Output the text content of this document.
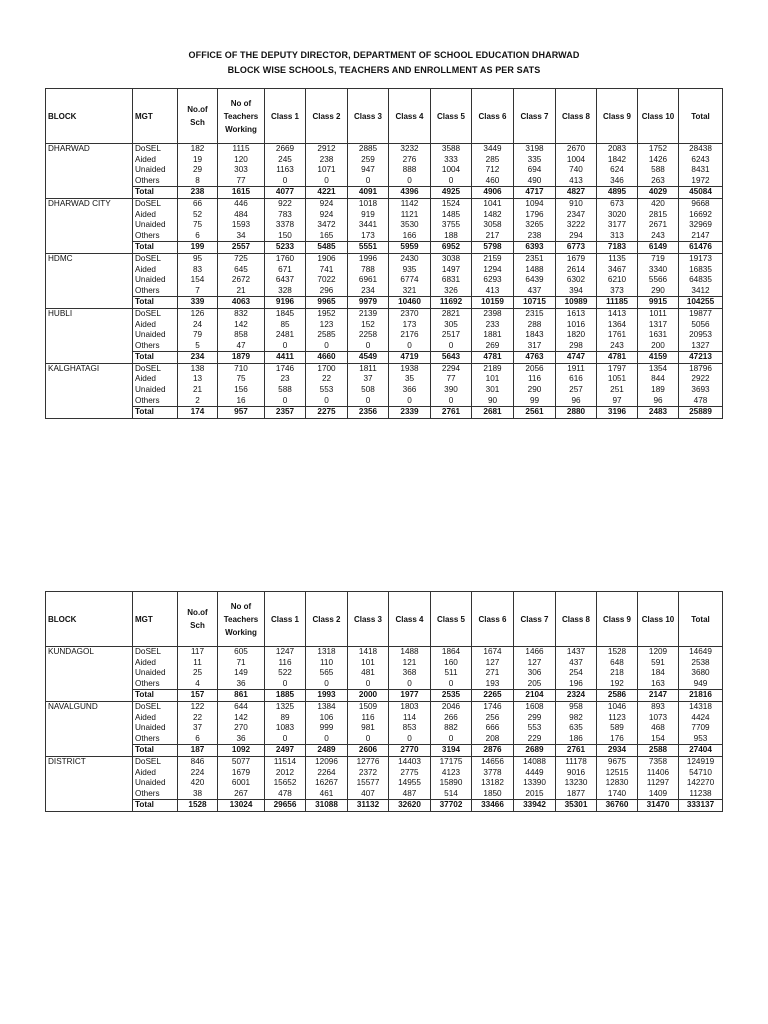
OFFICE OF THE DEPUTY DIRECTOR, DEPARTMENT OF SCHOOL EDUCATION DHARWAD
BLOCK WISE SCHOOLS, TEACHERS AND ENROLLMENT AS PER SATS
BLOCK	MGT	No.of Sch	No of Teachers Working	Class 1	Class 2	Class 3	Class 4	Class 5	Class 6	Class 7	Class 8	Class 9	Class 10	Total
DHARWAD	DoSEL	182	1115	2669	2912	2885	3232	3588	3449	3198	2670	2083	1752	28438
	Aided	19	120	245	238	259	276	333	285	335	1004	1842	1426	6243
	Unaided	29	303	1163	1071	947	888	1004	712	694	740	624	588	8431
	Others	8	77	0	0	0	0	0	460	490	413	346	263	1972
	Total	238	1615	4077	4221	4091	4396	4925	4906	4717	4827	4895	4029	45084
DHARWAD CITY	DoSEL	66	446	922	924	1018	1142	1524	1041	1094	910	673	420	9668
	Aided	52	484	783	924	919	1121	1485	1482	1796	2347	3020	2815	16692
	Unaided	75	1593	3378	3472	3441	3530	3755	3058	3265	3222	3177	2671	32969
	Others	6	34	150	165	173	166	188	217	238	294	313	243	2147
	Total	199	2557	5233	5485	5551	5959	6952	5798	6393	6773	7183	6149	61476
HDMC	DoSEL	95	725	1760	1906	1996	2430	3038	2159	2351	1679	1135	719	19173
	Aided	83	645	671	741	788	935	1497	1294	1488	2614	3467	3340	16835
	Unaided	154	2672	6437	7022	6961	6774	6831	6293	6439	6302	6210	5566	64835
	Others	7	21	328	296	234	321	326	413	437	394	373	290	3412
	Total	339	4063	9196	9965	9979	10460	11692	10159	10715	10989	11185	9915	104255
HUBLI	DoSEL	126	832	1845	1952	2139	2370	2821	2398	2315	1613	1413	1011	19877
	Aided	24	142	85	123	152	173	305	233	288	1016	1364	1317	5056
	Unaided	79	858	2481	2585	2258	2176	2517	1881	1843	1820	1761	1631	20953
	Others	5	47	0	0	0	0	0	269	317	298	243	200	1327
	Total	234	1879	4411	4660	4549	4719	5643	4781	4763	4747	4781	4159	47213
KALGHATAGI	DoSEL	138	710	1746	1700	1811	1938	2294	2189	2056	1911	1797	1354	18796
	Aided	13	75	23	22	37	35	77	101	116	616	1051	844	2922
	Unaided	21	156	588	553	508	366	390	301	290	257	251	189	3693
	Others	2	16	0	0	0	0	0	90	99	96	97	96	478
	Total	174	957	2357	2275	2356	2339	2761	2681	2561	2880	3196	2483	25889
BLOCK	MGT	No.of Sch	No of Teachers Working	Class 1	Class 2	Class 3	Class 4	Class 5	Class 6	Class 7	Class 8	Class 9	Class 10	Total
KUNDAGOL	DoSEL	117	605	1247	1318	1418	1488	1864	1674	1466	1437	1528	1209	14649
	Aided	11	71	116	110	101	121	160	127	127	437	648	591	2538
	Unaided	25	149	522	565	481	368	511	271	306	254	218	184	3680
	Others	4	36	0	0	0	0	0	193	205	196	192	163	949
	Total	157	861	1885	1993	2000	1977	2535	2265	2104	2324	2586	2147	21816
NAVALGUND	DoSEL	122	644	1325	1384	1509	1803	2046	1746	1608	958	1046	893	14318
	Aided	22	142	89	106	116	114	266	256	299	982	1123	1073	4424
	Unaided	37	270	1083	999	981	853	882	666	553	635	589	468	7709
	Others	6	36	0	0	0	0	0	208	229	186	176	154	953
	Total	187	1092	2497	2489	2606	2770	3194	2876	2689	2761	2934	2588	27404
DISTRICT	DoSEL	846	5077	11514	12096	12776	14403	17175	14656	14088	11178	9675	7358	124919
	Aided	224	1679	2012	2264	2372	2775	4123	3778	4449	9016	12515	11406	54710
	Unaided	420	6001	15652	16267	15577	14955	15890	13182	13390	13230	12830	11297	142270
	Others	38	267	478	461	407	487	514	1850	2015	1877	1740	1409	11238
	Total	1528	13024	29656	31088	31132	32620	37702	33466	33942	35301	36760	31470	333137
